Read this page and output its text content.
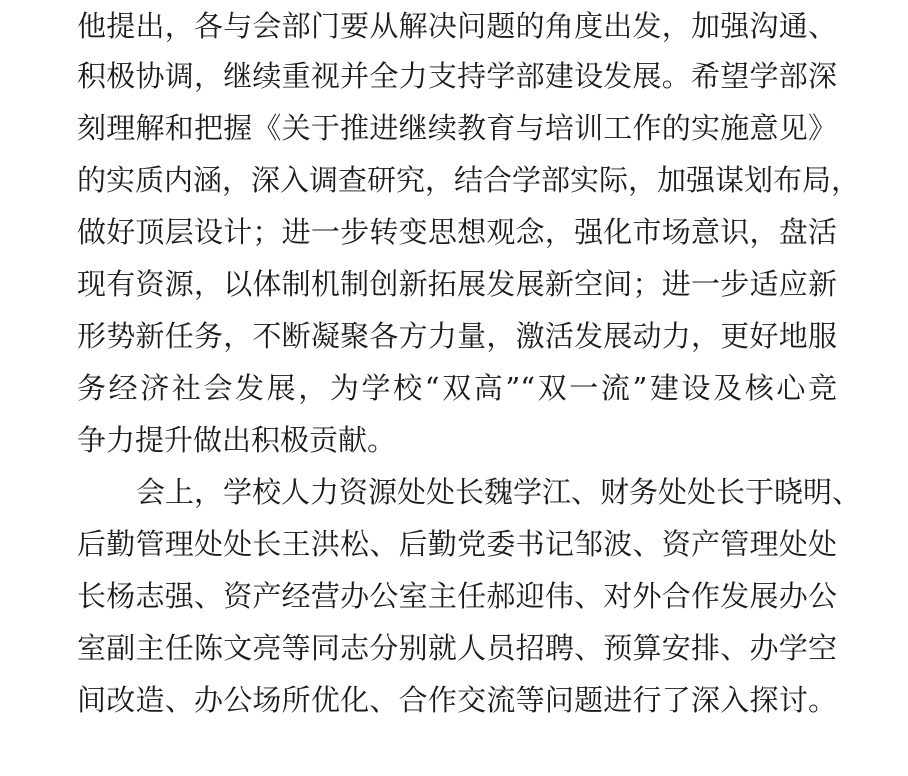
他提出，各与会部门要从解决问题的角度出发，加强沟通、
积极协调，继续重视并全力支持学部建设发展。希望学部深
刻理解和把握《关于推进继续教育与培训工作的实施意见》
的实质内涵，深入调查研究，结合学部实际，加强谋划布局，
做好顶层设计；进一步转变思想观念，强化市场意识，盘活
现有资源，以体制机制创新拓展发展新空间；进一步适应新
形势新任务，不断凝聚各方力量，激活发展动力，更好地服
务经济社会发展，为学校“双高”“双一流”建设及核心竞
争力提升做出积极贡献。
会上，学校人力资源处处长魏学江、财务处处长于晓明、
后勤管理处处长王洪松、后勤党委书记邹波、资产管理处处
长杨志强、资产经营办公室主任郝迎伟、对外合作发展办公
室副主任陈文亮等同志分别就人员招聘、预算安排、办学空
间改造、办公场所优化、合作交流等问题进行了深入探讨。
